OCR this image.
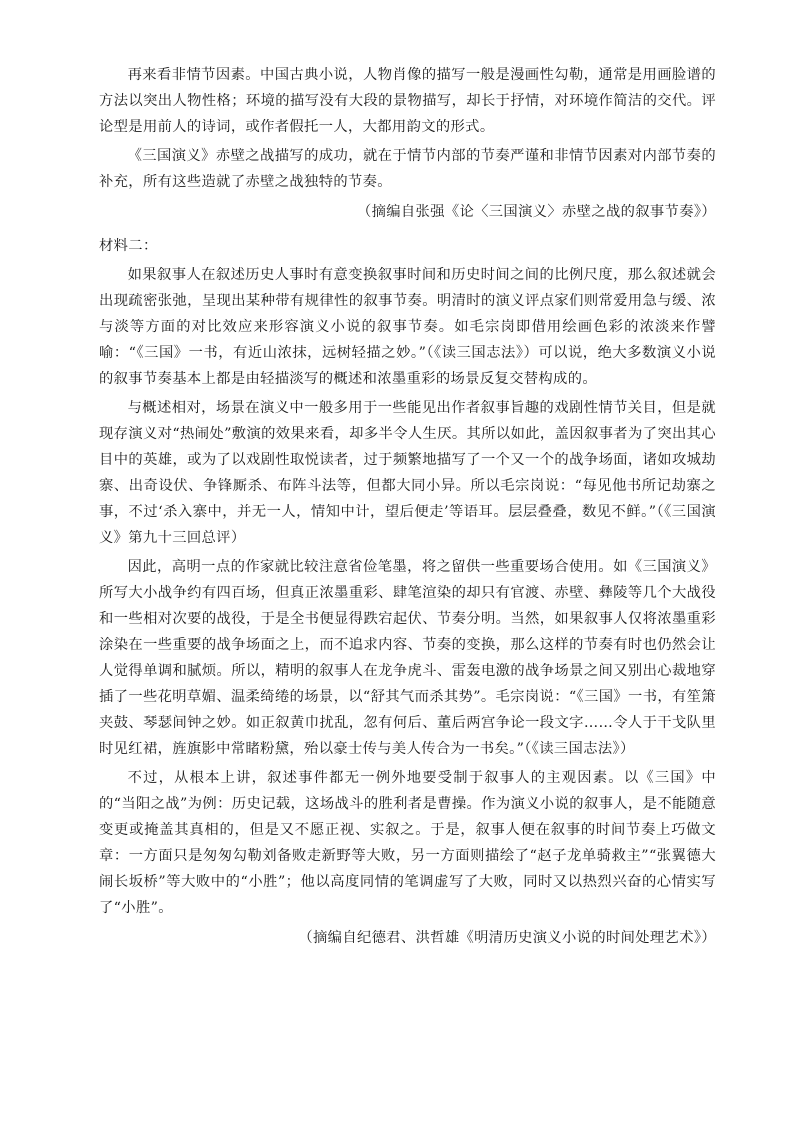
再来看非情节因素。中国古典小说，人物肖像的描写一般是漫画性勾勒，通常是用画脸谱的方法以突出人物性格；环境的描写没有大段的景物描写，却长于抒情，对环境作简洁的交代。评论型是用前人的诗词，或作者假托一人，大都用韵文的形式。

《三国演义》赤壁之战描写的成功，就在于情节内部的节奏严谨和非情节因素对内部节奏的补充，所有这些造就了赤壁之战独特的节奏。

（摘编自张强《论〈三国演义〉赤壁之战的叙事节奏》）

材料二：

如果叙事人在叙述历史人事时有意变换叙事时间和历史时间之间的比例尺度，那么叙述就会出现疏密张弛，呈现出某种带有规律性的叙事节奏。明清时的演义评点家们则常爱用急与缓、浓与淡等方面的对比效应来形容演义小说的叙事节奏。如毛宗岗即借用绘画色彩的浓淡来作譬喻：“《三国》一书，有近山浓抹，远树轻描之妙。”（《读三国志法》）可以说，绝大多数演义小说的叙事节奏基本上都是由轻描淡写的概述和浓墨重彩的场景反复交替构成的。

与概述相对，场景在演义中一般多用于一些能见出作者叙事旨趣的戏剧性情节关目，但是就现存演义对“热闹处”敷演的效果来看，却多半令人生厌。其所以如此，盖因叙事者为了突出其心目中的英雄，或为了以戏剧性取悦读者，过于频繁地描写了一个又一个的战争场面，诸如攻城劫寨、出奇设伏、争锋厮杀、布阵斗法等，但都大同小异。所以毛宗岗说：“每见他书所记劫寨之事，不过‘杀入寨中，并无一人，情知中计，望后便走’等语耳。层层叠叠，数见不鲜。”（《三国演义》第九十三回总评）

因此，高明一点的作家就比较注意省俭笔墨，将之留供一些重要场合使用。如《三国演义》所写大小战争约有四百场，但真正浓墨重彩、肆笔渲染的却只有官渡、赤壁、彝陵等几个大战役和一些相对次要的战役，于是全书便显得跌宕起伏、节奏分明。当然，如果叙事人仅将浓墨重彩涂染在一些重要的战争场面之上，而不追求内容、节奏的变换，那么这样的节奏有时也仍然会让人觉得单调和腻烦。所以，精明的叙事人在龙争虎斗、雷轰电激的战争场景之间又别出心裁地穿插了一些花明草媚、温柔绮绻的场景，以“舒其气而杀其势”。毛宗岗说：“《三国》一书，有笙箫夹鼓、琴瑟间钟之妙。如正叙黄巾扰乱，忽有何后、董后两宫争论一段文字……令人于干戈队里时见红裙，旌旗影中常睹粉黛，殆以豪士传与美人传合为一书矣。”（《读三国志法》）

不过，从根本上讲，叙述事件都无一例外地要受制于叙事人的主观因素。以《三国》中的“当阳之战”为例：历史记载，这场战斗的胜利者是曹操。作为演义小说的叙事人，是不能随意变更或掩盖其真相的，但是又不愿正视、实叙之。于是，叙事人便在叙事的时间节奏上巧做文章：一方面只是匆匆勾勒刘备败走新野等大败，另一方面则描绘了“赵子龙单骑救主”“张翼德大闹长坂桥”等大败中的“小胜”；他以高度同情的笔调虚写了大败，同时又以热烈兴奋的心情实写了“小胜”。

（摘编自纪德君、洪哲雄《明清历史演义小说的时间处理艺术》）
